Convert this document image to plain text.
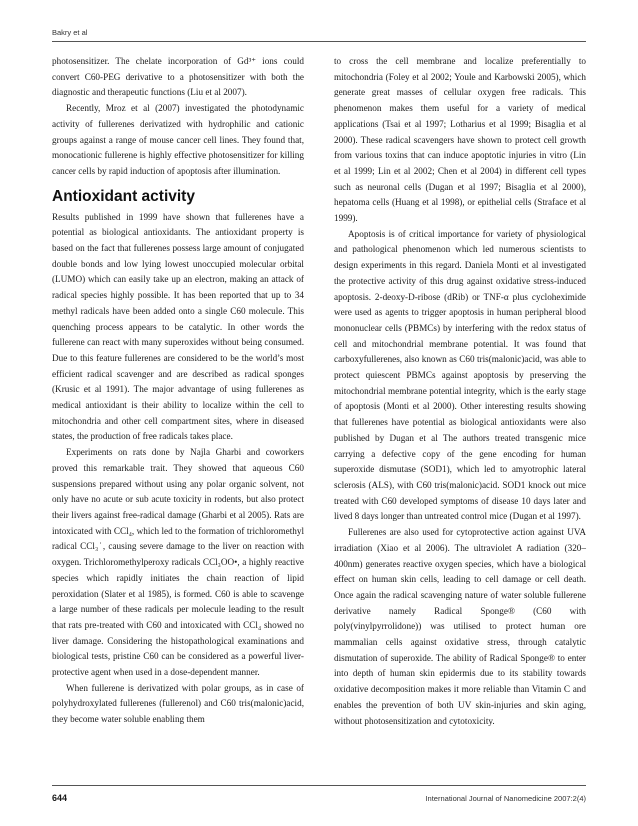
Bakry et al

photosensitizer. The chelate incorporation of Gd³⁺ ions could convert C60-PEG derivative to a photosensitizer with both the diagnostic and therapeutic functions (Liu et al 2007).

Recently, Mroz et al (2007) investigated the photodynamic activity of fullerenes derivatized with hydrophilic and cationic groups against a range of mouse cancer cell lines. They found that, monocationic fullerene is highly effective photosensitizer for killing cancer cells by rapid induction of apoptosis after illumination.

Antioxidant activity

Results published in 1999 have shown that fullerenes have a potential as biological antioxidants. The antioxidant property is based on the fact that fullerenes possess large amount of conjugated double bonds and low lying lowest unoccupied molecular orbital (LUMO) which can easily take up an electron, making an attack of radical species highly possible. It has been reported that up to 34 methyl radicals have been added onto a single C60 molecule. This quenching process appears to be catalytic. In other words the fullerene can react with many superoxides without being consumed. Due to this feature fullerenes are considered to be the world’s most efficient radical scavenger and are described as radical sponges (Krusic et al 1991). The major advantage of using fullerenes as medical antioxidant is their ability to localize within the cell to mitochondria and other cell compartment sites, where in diseased states, the production of free radicals takes place.

Experiments on rats done by Najla Gharbi and coworkers proved this remarkable trait. They showed that aqueous C60 suspensions prepared without using any polar organic solvent, not only have no acute or sub acute toxicity in rodents, but also protect their livers against free-radical damage (Gharbi et al 2005). Rats are intoxicated with CCl₄, which led to the formation of trichloromethyl radical CCl₃˙, causing severe damage to the liver on reaction with oxygen. Trichloromethylperoxy radicals CCl₃OO•, a highly reactive species which rapidly initiates the chain reaction of lipid peroxidation (Slater et al 1985), is formed. C60 is able to scavenge a large number of these radicals per molecule leading to the result that rats pre-treated with C60 and intoxicated with CCl₄ showed no liver damage. Considering the histopathological examinations and biological tests, pristine C60 can be considered as a powerful liver-protective agent when used in a dose-dependent manner.

When fullerene is derivatized with polar groups, as in case of polyhydroxylated fullerenes (fullerenol) and C60 tris(malonic)acid, they become water soluble enabling them

to cross the cell membrane and localize preferentially to mitochondria (Foley et al 2002; Youle and Karbowski 2005), which generate great masses of cellular oxygen free radicals. This phenomenon makes them useful for a variety of medical applications (Tsai et al 1997; Lotharius et al 1999; Bisaglia et al 2000). These radical scavengers have shown to protect cell growth from various toxins that can induce apoptotic injuries in vitro (Lin et al 1999; Lin et al 2002; Chen et al 2004) in different cell types such as neuronal cells (Dugan et al 1997; Bisaglia et al 2000), hepatoma cells (Huang et al 1998), or epithelial cells (Straface et al 1999).

Apoptosis is of critical importance for variety of physiological and pathological phenomenon which led numerous scientists to design experiments in this regard. Daniela Monti et al investigated the protective activity of this drug against oxidative stress-induced apoptosis. 2-deoxy-D-ribose (dRib) or TNF-α plus cycloheximide were used as agents to trigger apoptosis in human peripheral blood mononuclear cells (PBMCs) by interfering with the redox status of cell and mitochondrial membrane potential. It was found that carboxyfullerenes, also known as C60 tris(malonic)acid, was able to protect quiescent PBMCs against apoptosis by preserving the mitochondrial membrane potential integrity, which is the early stage of apoptosis (Monti et al 2000). Other interesting results showing that fullerenes have potential as biological antioxidants were also published by Dugan et al The authors treated transgenic mice carrying a defective copy of the gene encoding for human superoxide dismutase (SOD1), which led to amyotrophic lateral sclerosis (ALS), with C60 tris(malonic)acid. SOD1 knock out mice treated with C60 developed symptoms of disease 10 days later and lived 8 days longer than untreated control mice (Dugan et al 1997).

Fullerenes are also used for cytoprotective action against UVA irradiation (Xiao et al 2006). The ultraviolet A radiation (320–400nm) generates reactive oxygen species, which have a biological effect on human skin cells, leading to cell damage or cell death. Once again the radical scavenging nature of water soluble fullerene derivative namely Radical Sponge® (C60 with poly(vinylpyrrolidone)) was utilised to protect human ore mammalian cells against oxidative stress, through catalytic dismutation of superoxide. The ability of Radical Sponge® to enter into depth of human skin epidermis due to its stability towards oxidative decomposition makes it more reliable than Vitamin C and enables the prevention of both UV skin-injuries and skin aging, without photosensitization and cytotoxicity.

644	International Journal of Nanomedicine 2007:2(4)
